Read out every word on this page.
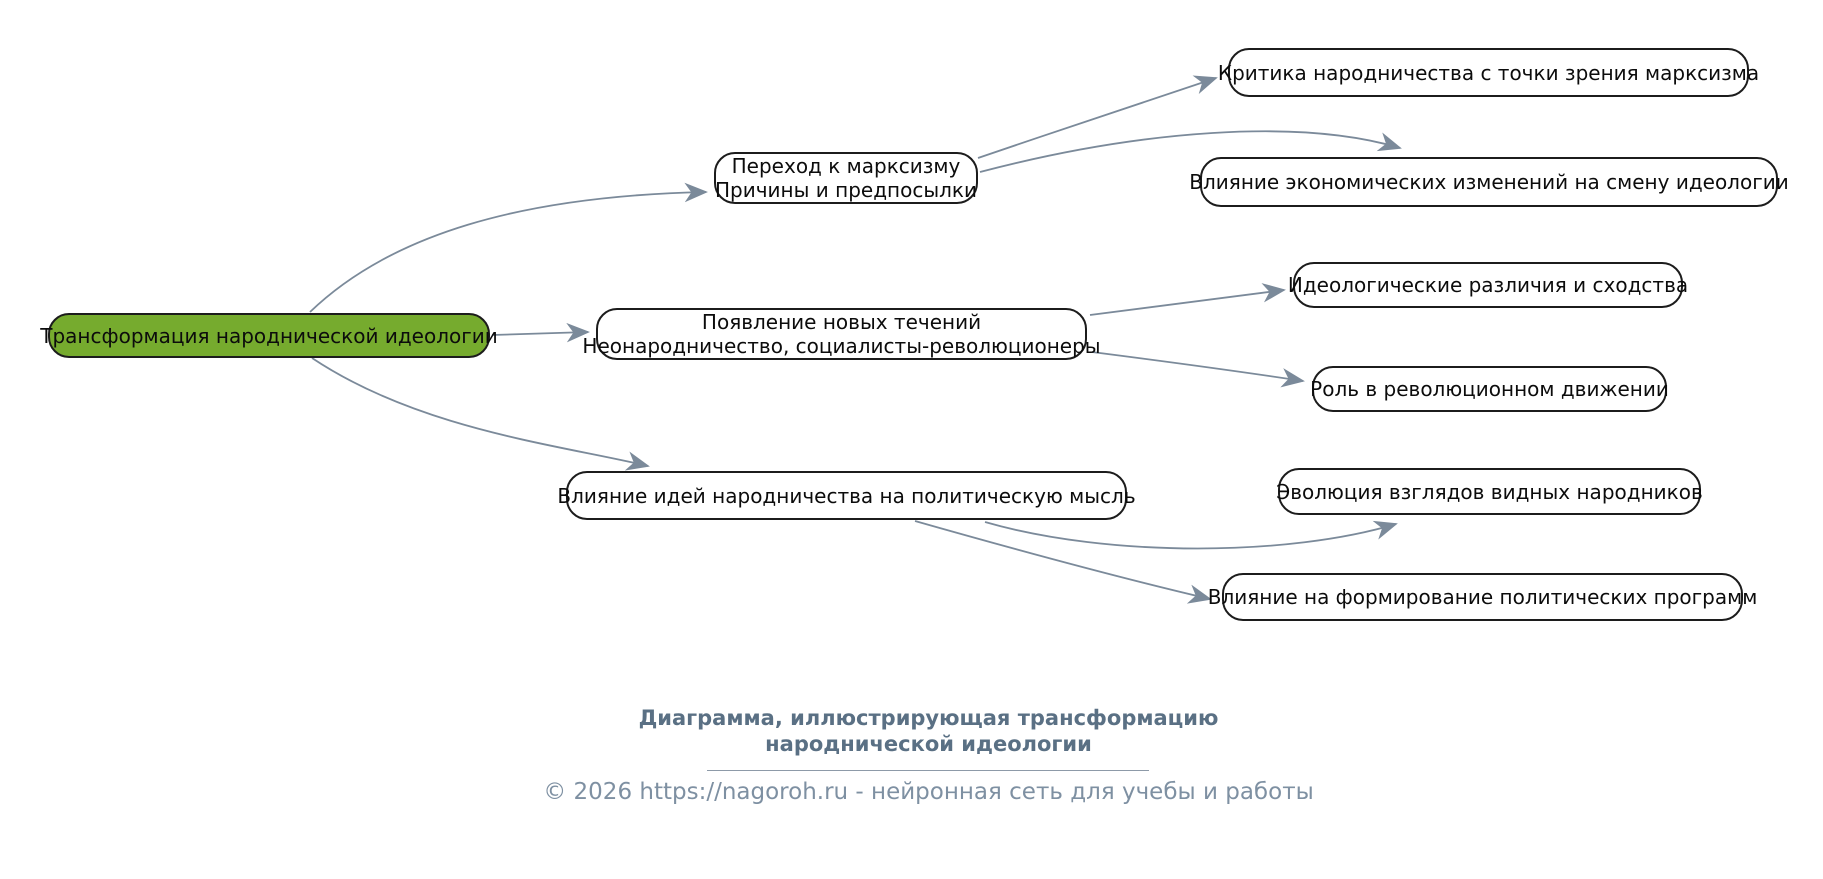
Трансформация народнической идеологии
Переход к марксизму
Причины и предпосылки
Появление новых течений
Неонародничество, социалисты-революционеры
Влияние идей народничества на политическую мысль
Критика народничества с точки зрения марксизма
Влияние экономических изменений на смену идеологии
Идеологические различия и сходства
Роль в революционном движении
Эволюция взглядов видных народников
Влияние на формирование политических программ
Диаграмма, иллюстрирующая трансформацию
народнической идеологии
© 2026 https://nagoroh.ru - нейронная сеть для учебы и работы
